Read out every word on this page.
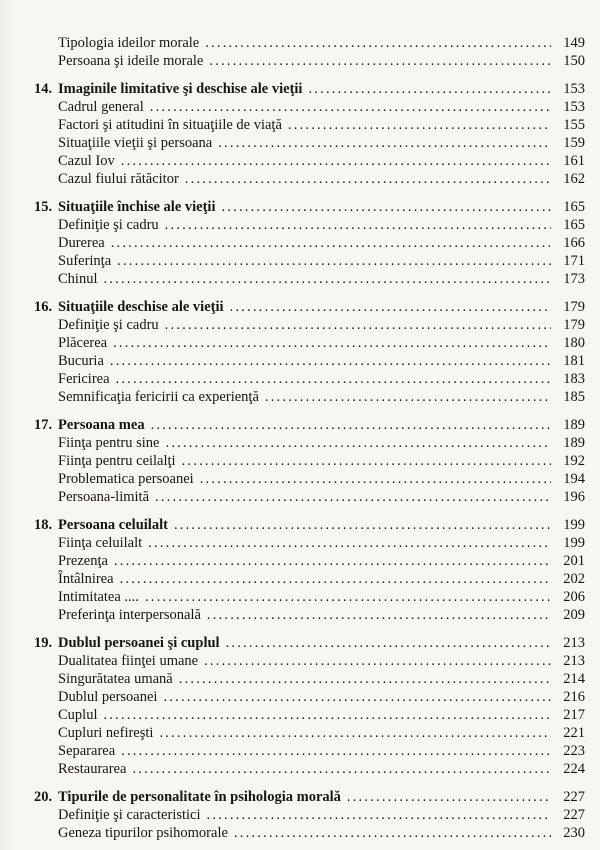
Tipologia ideilor morale .....	149
Persoana şi ideile morale .....	150
14. Imaginile limitative şi deschise ale vieţii .....	153
Cadrul general .....	153
Factori şi atitudini în situaţiile de viaţă .....	155
Situaţiile vieţii şi persoana .....	159
Cazul Iov .....	161
Cazul fiului rătăcitor .....	162
15. Situaţiile închise ale vieţii .....	165
Definiţie şi cadru .....	165
Durerea .....	166
Suferinţa .....	171
Chinul .....	173
16. Situaţiile deschise ale vieţii .....	179
Definiţie şi cadru .....	179
Plăcerea .....	180
Bucuria .....	181
Fericirea .....	183
Semnificaţia fericirii ca experienţă .....	185
17. Persoana mea .....	189
Fiinţa pentru sine .....	189
Fiinţa pentru ceilalţi .....	192
Problematica persoanei .....	194
Persoana-limită .....	196
18. Persoana celuilalt .....	199
Fiinţa celuilalt .....	199
Prezenţa .....	201
Întâlnirea .....	202
Intimitatea .... .....	206
Preferinţa interpersonală .....	209
19. Dublul persoanei şi cuplul .....	213
Dualitatea fiinţei umane .....	213
Singurătatea umană .....	214
Dublul persoanei .....	216
Cuplul .....	217
Cupluri nefireşti .....	221
Separarea .....	223
Restaurarea .....	224
20. Tipurile de personalitate în psihologia morală .....	227
Definiţie şi caracteristici .....	227
Geneza tipurilor psihomorale .....	230
